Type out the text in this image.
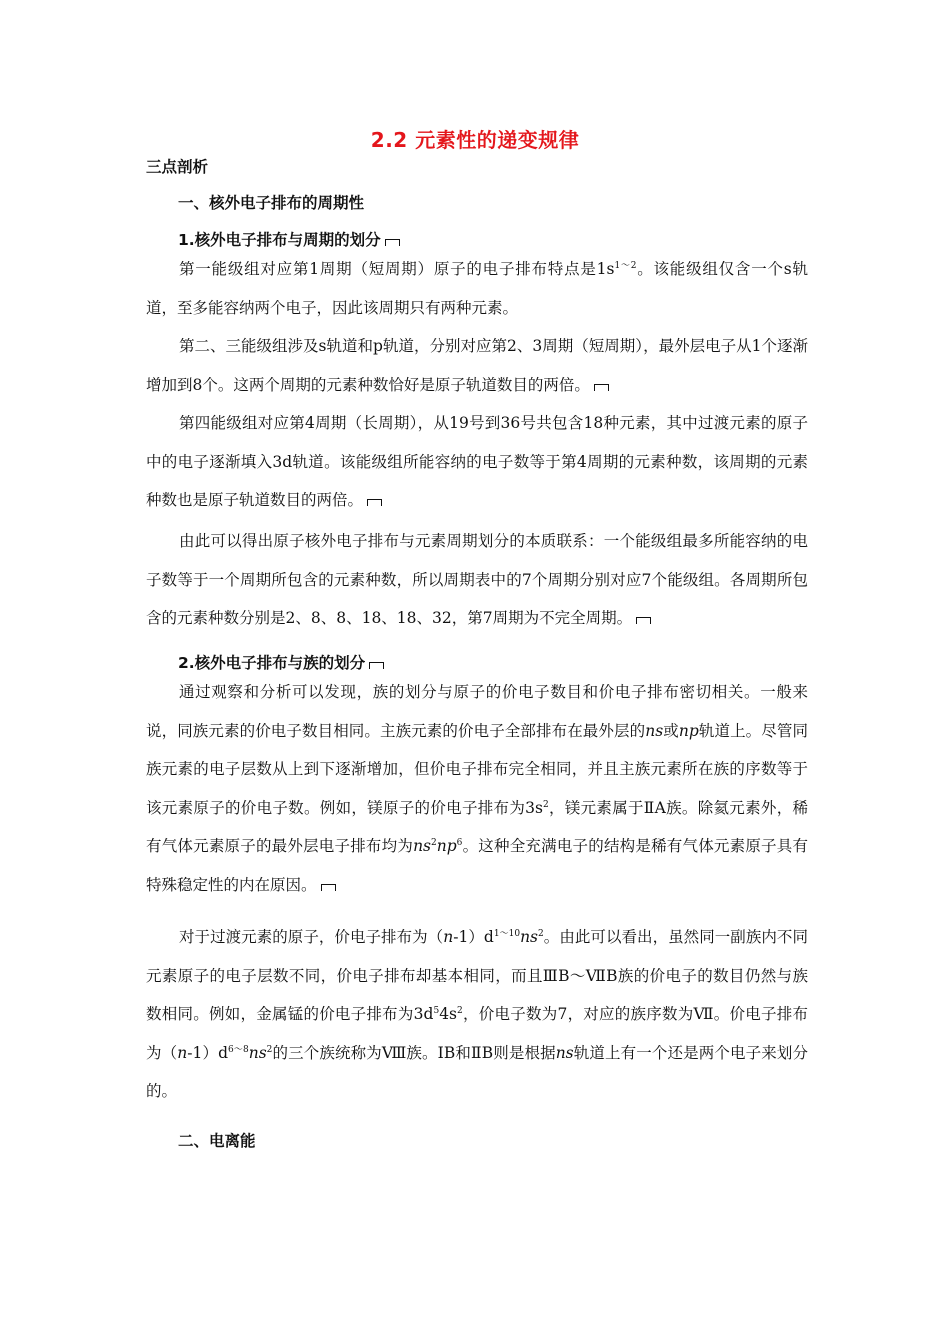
2.2 元素性的递变规律
三点剖析
一、核外电子排布的周期性
1.核外电子排布与周期的划分

第一能级组对应第1周期（短周期）原子的电子排布特点是$1s^{1\sim 2}$。该能级组仅含一个s轨道，至多能容纳两个电子，因此该周期只有两种元素。

第二、三能级组涉及s轨道和p轨道，分别对应第2、3周期（短周期），最外层电子从1个逐渐增加到8个。这两个周期的元素种数恰好是原子轨道数目的两倍。

第四能级组对应第4周期（长周期），从19号到36号共包含18种元素，其中过渡元素的原子中的电子逐渐填入3d轨道。该能级组所能容纳的电子数等于第4周期的元素种数，该周期的元素种数也是原子轨道数目的两倍。

由此可以得出原子核外电子排布与元素周期划分的本质联系：一个能级组最多所能容纳的电子数等于一个周期所包含的元素种数，所以周期表中的7个周期分别对应7个能级组。各周期所包含的元素种数分别是2、8、8、18、18、32，第7周期为不完全周期。

2.核外电子排布与族的划分

通过观察和分析可以发现，族的划分与原子的价电子数目和价电子排布密切相关。一般来说，同族元素的价电子数目相同。主族元素的价电子全部排布在最外层的ns或np轨道上。尽管同族元素的电子层数从上到下逐渐增加，但价电子排布完全相同，并且主族元素所在族的序数等于该元素原子的价电子数。例如，镁原子的价电子排布为$3s^2$，镁元素属于ⅡA族。除氦元素外，稀有气体元素原子的最外层电子排布均为$ns^2np^6$。这种全充满电子的结构是稀有气体元素原子具有特殊稳定性的内在原因。

对于过渡元素的原子，价电子排布为$(n-1)d^{1\sim 10}ns^2$。由此可以看出，虽然同一副族内不同元素原子的电子层数不同，价电子排布却基本相同，而且ⅢB～ⅦB族的价电子的数目仍然与族数相同。例如，金属锰的价电子排布为$3d^54s^2$，价电子数为7，对应的族序数为Ⅶ。价电子排布为$(n-1)d^{6\sim 8}ns^2$的三个族统称为Ⅷ族。ⅠB和ⅡB则是根据ns轨道上有一个还是两个电子来划分的。

二、电离能
